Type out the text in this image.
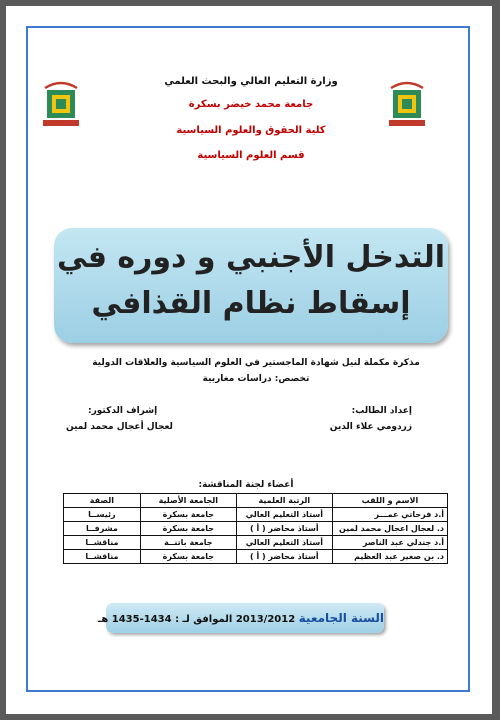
وزارة التعليم العالي والبحث العلمي
جامعة محمد خيضر بسكرة
كلية الحقوق والعلوم السياسية
قسم العلوم السياسية
التدخل الأجنبي و دوره في
إسقاط نظام القذافي
مذكرة مكملة لنيل شهادة الماجستير في العلوم السياسية والعلاقات الدولية
تخصص: دراسات مغاربية
إعداد الطالب:
زردومي علاء الدين
إشراف الدكتور:
لعجال أعجال محمد لمين
أعضاء لجنة المناقشة:
الاسم و اللقب	الرتبة العلمية	الجامعة الأصلية	الصفة
أ.د فرحاتي عمـــر	أستاذ التعليم العالي	جامعة بسكرة	رئيســا
د. لعجال اعجال محمد لمين	أستاذ محاضر ( أ )	جامعة بسكرة	مشرفــا
أ.د جندلي عبد الناصر	أستاذ التعليم العالي	جامعة باتنــة	مناقشــا
د. بن صغير عبد العظيم	أستاذ محاضر ( أ )	جامعة بسكرة	مناقشــا
السنة الجامعية 2013/2012 الموافق لـ : 1434-1435 هـ
